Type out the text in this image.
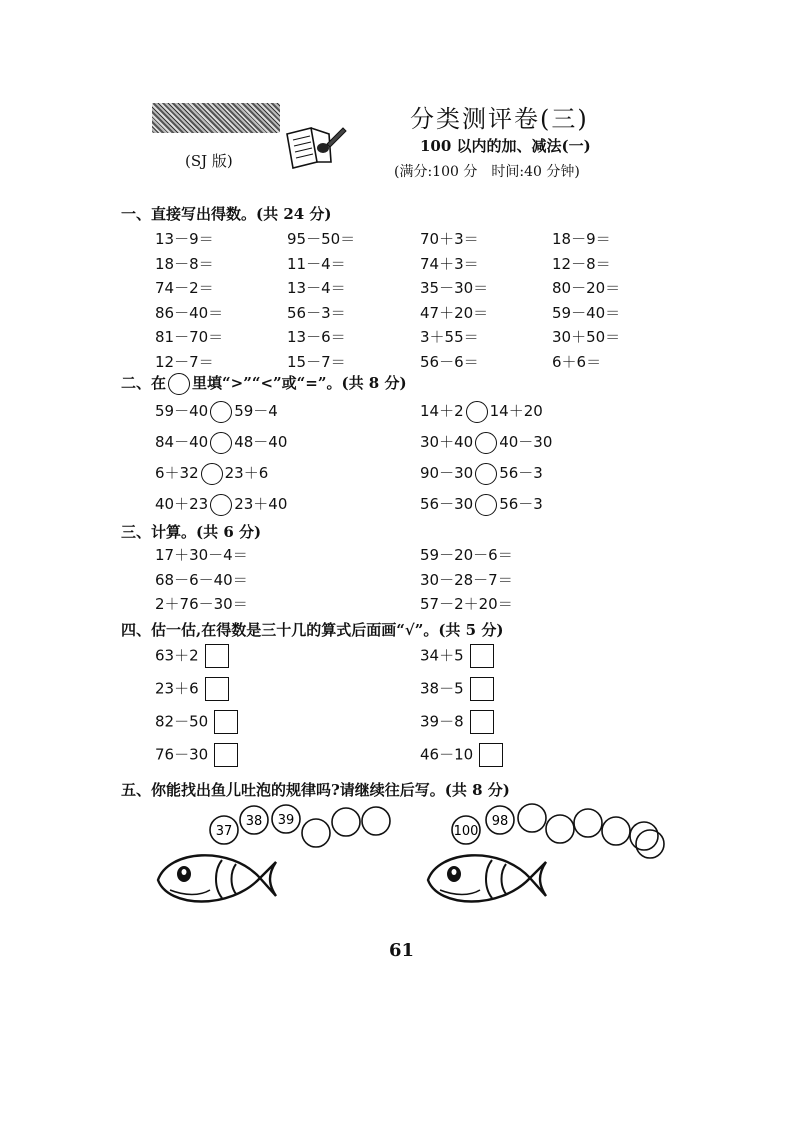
(SJ 版)
分类测评卷(三)
100 以内的加、减法(一)
(满分:100 分　时间:40 分钟)
一、直接写出得数。(共 24 分)
13－9＝	95－50＝	70＋3＝	18－9＝
18－8＝	11－4＝	74＋3＝	12－8＝
74－2＝	13－4＝	35－30＝	80－20＝
86－40＝	56－3＝	47＋20＝	59－40＝
81－70＝	13－6＝	3＋55＝	30＋50＝
12－7＝	15－7＝	56－6＝	6＋6＝
二、在 里填“>”“<”或“=”。(共 8 分)
59－40 59－4	14＋2 14＋20
84－40 48－40	30＋40 40－30
6＋32 23＋6	90－30 56－3
40＋23 23＋40	56－30 56－3
三、计算。(共 6 分)
17＋30－4＝	59－20－6＝
68－6－40＝	30－28－7＝
2＋76－30＝	57－2＋20＝
四、估一估,在得数是三十几的算式后面画“√”。(共 5 分)
63＋2	34＋5
23＋6	38－5
82－50	39－8
76－30	46－10
五、你能找出鱼儿吐泡的规律吗?请继续往后写。(共 8 分)
37
38 39
100
98
61
